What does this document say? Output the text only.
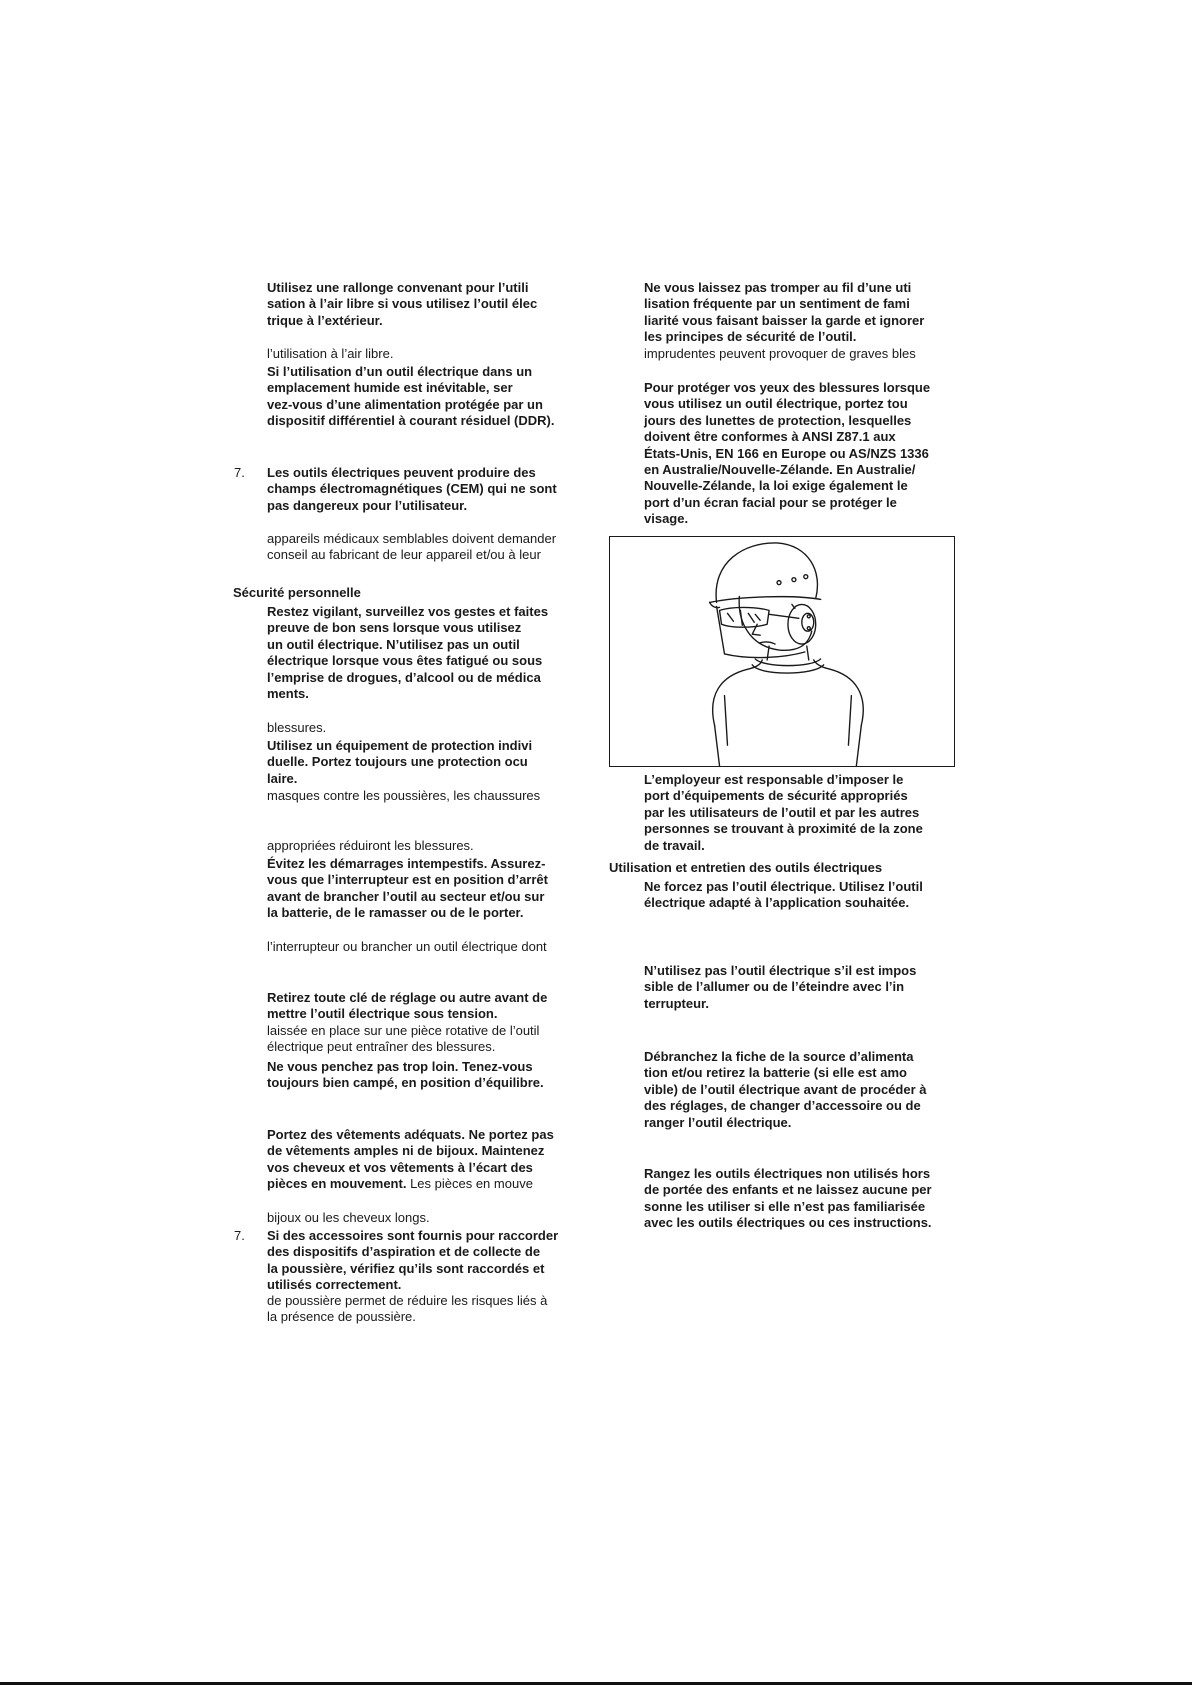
Utilisez une rallonge convenant pour l’utili

sation à l’air libre si vous utilisez l’outil élec

trique à l’extérieur.

l’utilisation à l’air libre.

Si l’utilisation d’un outil électrique dans un

emplacement humide est inévitable, ser

vez-vous d’une alimentation protégée par un

dispositif différentiel à courant résiduel (DDR).

7. Les outils électriques peuvent produire des

champs électromagnétiques (CEM) qui ne sont

pas dangereux pour l’utilisateur.

appareils médicaux semblables doivent demander

conseil au fabricant de leur appareil et/ou à leur

Sécurité personnelle

Restez vigilant, surveillez vos gestes et faites

preuve de bon sens lorsque vous utilisez

un outil électrique. N’utilisez pas un outil

électrique lorsque vous êtes fatigué ou sous

l’emprise de drogues, d’alcool ou de médica

ments.

blessures.

Utilisez un équipement de protection indivi

duelle. Portez toujours une protection ocu

laire.

masques contre les poussières, les chaussures

appropriées réduiront les blessures.

Évitez les démarrages intempestifs. Assurez-

vous que l’interrupteur est en position d’arrêt

avant de brancher l’outil au secteur et/ou sur

la batterie, de le ramasser ou de le porter.

l’interrupteur ou brancher un outil électrique dont

Retirez toute clé de réglage ou autre avant de

mettre l’outil électrique sous tension.

laissée en place sur une pièce rotative de l’outil

électrique peut entraîner des blessures.

Ne vous penchez pas trop loin. Tenez-vous

toujours bien campé, en position d’équilibre.

Portez des vêtements adéquats. Ne portez pas

de vêtements amples ni de bijoux. Maintenez

vos cheveux et vos vêtements à l’écart des

pièces en mouvement. Les pièces en mouve

bijoux ou les cheveux longs.

7. Si des accessoires sont fournis pour raccorder

des dispositifs d’aspiration et de collecte de

la poussière, vérifiez qu’ils sont raccordés et

utilisés correctement.

de poussière permet de réduire les risques liés à

la présence de poussière.

Ne vous laissez pas tromper au fil d’une uti

lisation fréquente par un sentiment de fami

liarité vous faisant baisser la garde et ignorer

les principes de sécurité de l’outil.

imprudentes peuvent provoquer de graves bles

Pour protéger vos yeux des blessures lorsque

vous utilisez un outil électrique, portez tou

jours des lunettes de protection, lesquelles

doivent être conformes à ANSI Z87.1 aux

États-Unis, EN 166 en Europe ou AS/NZS 1336

en Australie/Nouvelle-Zélande. En Australie/

Nouvelle-Zélande, la loi exige également le

port d’un écran facial pour se protéger le

visage.

L’employeur est responsable d’imposer le

port d’équipements de sécurité appropriés

par les utilisateurs de l’outil et par les autres

personnes se trouvant à proximité de la zone

de travail.

Utilisation et entretien des outils électriques

Ne forcez pas l’outil électrique. Utilisez l’outil

électrique adapté à l’application souhaitée.

N’utilisez pas l’outil électrique s’il est impos

sible de l’allumer ou de l’éteindre avec l’in

terrupteur.

Débranchez la fiche de la source d’alimenta

tion et/ou retirez la batterie (si elle est amo

vible) de l’outil électrique avant de procéder à

des réglages, de changer d’accessoire ou de

ranger l’outil électrique.

Rangez les outils électriques non utilisés hors

de portée des enfants et ne laissez aucune per

sonne les utiliser si elle n’est pas familiarisée

avec les outils électriques ou ces instructions.
